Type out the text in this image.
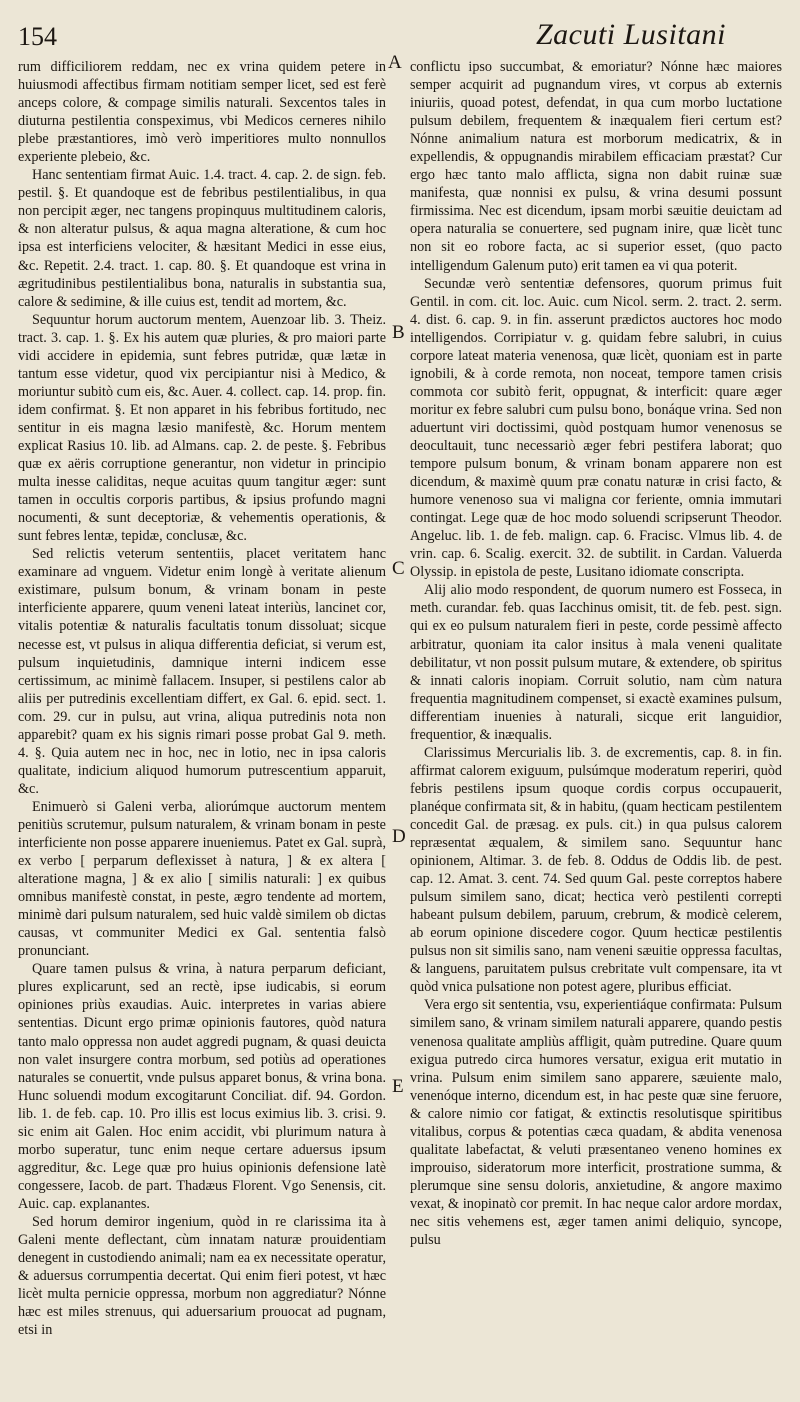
154	Zacuti Lusitani

rum difficiliorem reddam, nec ex vrina quidem petere in huiusmodi affectibus firmam notitiam semper licet, sed est ferè anceps colore, & compage similis naturali. Sexcentos tales in diuturna pestilentia conspeximus, vbi Medicos cerneres nihilo plebe præstantiores, imò verò imperitiores multo nonnullos experiente plebeio, &c.

Hanc sententiam firmat Auic. 1.4. tract. 4. cap. 2. de sign. feb. pestil. §. Et quandoque est de febribus pestilentialibus, in qua non percipit æger, nec tangens propinquus multitudinem caloris, & non alteratur pulsus, & aqua magna alteratione, & cum hoc ipsa est interficiens velociter, & hæsitant Medici in esse eius, &c. Repetit. 2.4. tract. 1. cap. 80. §. Et quandoque est vrina in ægritudinibus pestilentialibus bona, naturalis in substantia sua, calore & sedimine, & ille cuius est, tendit ad mortem, &c.

Sequuntur horum auctorum mentem, Auenzoar lib. 3. Theiz. tract. 3. cap. 1. §. Ex his autem quæ pluries, & pro maiori parte vidi accidere in epidemia, sunt febres putridæ, quæ lætæ in tantum esse videtur, quod vix percipiantur nisi à Medico, & moriuntur subitò cum eis, &c. Auer. 4. collect. cap. 14. prop. fin. idem confirmat. §. Et non apparet in his febribus fortitudo, nec sentitur in eis magna læsio manifestè, &c. Horum mentem explicat Rasius 10. lib. ad Almans. cap. 2. de peste. §. Febribus quæ ex aëris corruptione generantur, non videtur in principio multa inesse caliditas, neque acuitas quum tangitur æger: sunt tamen in occultis corporis partibus, & ipsius profundo magni nocumenti, & sunt deceptoriæ, & vehementis operationis, & sunt febres lentæ, tepidæ, conclusæ, &c.

Sed relictis veterum sententiis, placet veritatem hanc examinare ad vnguem. Videtur enim longè à veritate alienum existimare, pulsum bonum, & vrinam bonam in peste interficiente apparere, quum veneni lateat interiùs, lancinet cor, vitalis potentiæ & naturalis facultatis tonum dissoluat; sicque necesse est, vt pulsus in aliqua differentia deficiat, si verum est, pulsum inquietudinis, damnique interni indicem esse certissimum, ac minimè fallacem. Insuper, si pestilens calor ab aliis per putredinis excellentiam differt, ex Gal. 6. epid. sect. 1. com. 29. cur in pulsu, aut vrina, aliqua putredinis nota non apparebit? quam ex his signis rimari posse probat Gal 9. meth. 4. §. Quia autem nec in hoc, nec in lotio, nec in ipsa caloris qualitate, indicium aliquod humorum putrescentium apparuit, &c.

Enimuerò si Galeni verba, aliorúmque auctorum mentem penitiùs scrutemur, pulsum naturalem, & vrinam bonam in peste interficiente non posse apparere inueniemus. Patet ex Gal. suprà, ex verbo [ perparum deflexisset à natura, ] & ex altera [ alteratione magna, ] & ex alio [ similis naturali: ] ex quibus omnibus manifestè constat, in peste, ægro tendente ad mortem, minimè dari pulsum naturalem, sed huic valdè similem ob dictas causas, vt communiter Medici ex Gal. sententia falsò pronunciant.

Quare tamen pulsus & vrina, à natura perparum deficiant, plures explicarunt, sed an rectè, ipse iudicabis, si eorum opiniones priùs exaudias. Auic. interpretes in varias abiere sententias. Dicunt ergo primæ opinionis fautores, quòd natura tanto malo oppressa non audet aggredi pugnam, & quasi deuicta non valet insurgere contra morbum, sed potiùs ad operationes naturales se conuertit, vnde pulsus apparet bonus, & vrina bona. Hunc soluendi modum excogitarunt Conciliat. dif. 94. Gordon. lib. 1. de feb. cap. 10. Pro illis est locus eximius lib. 3. crisi. 9. sic enim ait Galen. Hoc enim accidit, vbi plurimum natura à morbo superatur, tunc enim neque certare aduersus ipsum aggreditur, &c. Lege quæ pro huius opinionis defensione latè congessere, Iacob. de part. Thadæus Florent. Vgo Senensis, cit. Auic. cap. explanantes.

Sed horum demiror ingenium, quòd in re clarissima ita à Galeni mente deflectant, cùm innatam naturæ prouidentiam denegent in custodiendo animali; nam ea ex necessitate operatur, & aduersus corrumpentia decertat. Qui enim fieri potest, vt hæc licèt multa pernicie oppressa, morbum non aggrediatur? Nónne hæc est miles strenuus, qui aduersarium prouocat ad pugnam, etsi in

A
B
C
D
E

conflictu ipso succumbat, & emoriatur? Nónne hæc maiores semper acquirit ad pugnandum vires, vt corpus ab externis iniuriis, quoad potest, defendat, in qua cum morbo luctatione pulsum debilem, frequentem & inæqualem fieri certum est? Nónne animalium natura est morborum medicatrix, & in expellendis, & oppugnandis mirabilem efficaciam præstat? Cur ergo hæc tanto malo afflicta, signa non dabit ruinæ suæ manifesta, quæ nonnisi ex pulsu, & vrina desumi possunt firmissima. Nec est dicendum, ipsam morbi sæuitie deuictam ad opera naturalia se conuertere, sed pugnam inire, quæ licèt tunc non sit eo robore facta, ac si superior esset, (quo pacto intelligendum Galenum puto) erit tamen ea vi qua poterit.

Secundæ verò sententiæ defensores, quorum primus fuit Gentil. in com. cit. loc. Auic. cum Nicol. serm. 2. tract. 2. serm. 4. dist. 6. cap. 9. in fin. asserunt prædictos auctores hoc modo intelligendos. Corripiatur v. g. quidam febre salubri, in cuius corpore lateat materia venenosa, quæ licèt, quoniam est in parte ignobili, & à corde remota, non noceat, tempore tamen crisis commota cor subitò ferit, oppugnat, & interficit: quare æger moritur ex febre salubri cum pulsu bono, bonáque vrina. Sed non aduertunt viri doctissimi, quòd postquam humor venenosus se deocultauit, tunc necessariò æger febri pestifera laborat; quo tempore pulsum bonum, & vrinam bonam apparere non est dicendum, & maximè quum præ conatu naturæ in crisi facto, & humore venenoso sua vi maligna cor feriente, omnia immutari contingat. Lege quæ de hoc modo soluendi scripserunt Theodor. Angeluc. lib. 1. de feb. malign. cap. 6. Fracisc. Vlmus lib. 4. de vrin. cap. 6. Scalig. exercit. 32. de subtilit. in Cardan. Valuerda Olyssip. in epistola de peste, Lusitano idiomate conscripta.

Alij alio modo respondent, de quorum numero est Fosseca, in meth. curandar. feb. quas Iacchinus omisit, tit. de feb. pest. sign. qui ex eo pulsum naturalem fieri in peste, corde pessimè affecto arbitratur, quoniam ita calor insitus à mala veneni qualitate debilitatur, vt non possit pulsum mutare, & extendere, ob spiritus & innati caloris inopiam. Corruit solutio, nam cùm natura frequentia magnitudinem compenset, si exactè examines pulsum, differentiam inuenies à naturali, sicque erit languidior, frequentior, & inæqualis.

Clarissimus Mercurialis lib. 3. de excrementis, cap. 8. in fin. affirmat calorem exiguum, pulsúmque moderatum reperiri, quòd febris pestilens ipsum quoque cordis corpus occupauerit, planéque confirmata sit, & in habitu, (quam hecticam pestilentem concedit Gal. de præsag. ex puls. cit.) in qua pulsus calorem repræsentat æqualem, & similem sano. Sequuntur hanc opinionem, Altimar. 3. de feb. 8. Oddus de Oddis lib. de pest. cap. 12. Amat. 3. cent. 74. Sed quum Gal. peste correptos habere pulsum similem sano, dicat; hectica verò pestilenti correpti habeant pulsum debilem, paruum, crebrum, & modicè celerem, ab eorum opinione discedere cogor. Quum hecticæ pestilentis pulsus non sit similis sano, nam veneni sæuitie oppressa facultas, & languens, paruitatem pulsus crebritate vult compensare, ita vt quòd vnica pulsatione non potest agere, pluribus efficiat.

Vera ergo sit sententia, vsu, experientiáque confirmata: Pulsum similem sano, & vrinam similem naturali apparere, quando pestis venenosa qualitate ampliùs affligit, quàm putredine. Quare quum exigua putredo circa humores versatur, exigua erit mutatio in vrina. Pulsum enim similem sano apparere, sæuiente malo, venenóque interno, dicendum est, in hac peste quæ sine feruore, & calore nimio cor fatigat, & extinctis resolutisque spiritibus vitalibus, corpus & potentias cæca quadam, & abdita venenosa qualitate labefactat, & veluti præsentaneo veneno homines ex improuiso, sideratorum more interficit, prostratione summa, & plerumque sine sensu doloris, anxietudine, & angore maximo vexat, & inopinatò cor premit. In hac neque calor ardore mordax, nec sitis vehemens est, æger tamen animi deliquio, syncope, pulsu
